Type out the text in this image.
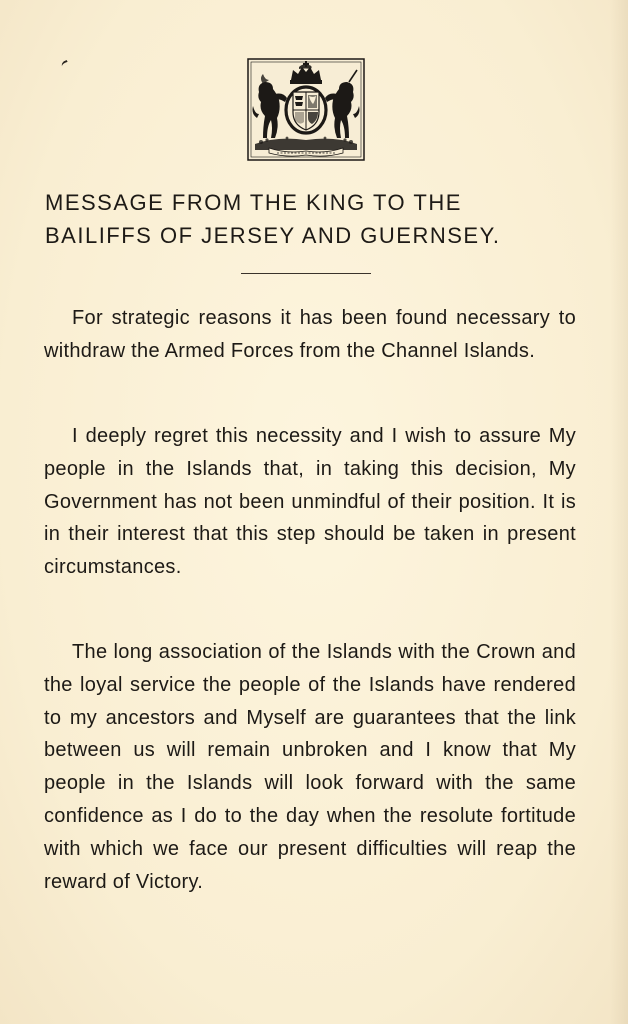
MESSAGE FROM THE KING TO THE
BAILIFFS OF JERSEY AND GUERNSEY.

For strategic reasons it has been found necessary to withdraw the Armed Forces from the Channel Islands.

I deeply regret this necessity and I wish to assure My people in the Islands that, in taking this decision, My Government has not been unmindful of their position. It is in their interest that this step should be taken in present circumstances.

The long association of the Islands with the Crown and the loyal service the people of the Islands have rendered to my ancestors and Myself are guarantees that the link between us will remain unbroken and I know that My people in the Islands will look forward with the same confidence as I do to the day when the resolute fortitude with which we face our present difficulties will reap the reward of Victory.
